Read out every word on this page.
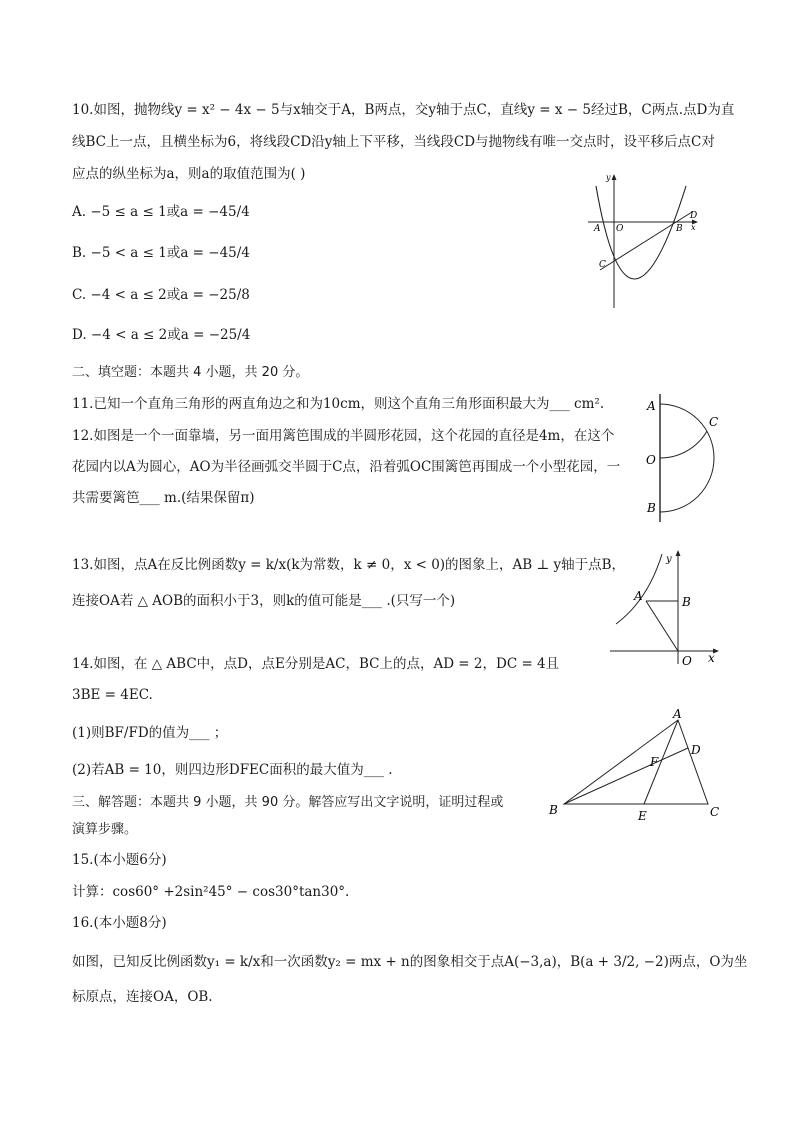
10.如图，抛物线y = x² − 4x − 5与x轴交于A，B两点，交y轴于点C，直线y = x − 5经过B，C两点.点D为直
线BC上一点，且横坐标为6，将线段CD沿y轴上下平移，当线段CD与抛物线有唯一交点时，设平移后点C对
应点的纵坐标为a，则a的取值范围为( )
A. −5 ≤ a ≤ 1或a = −45/4
B. −5 < a ≤ 1或a = −45/4
C. −4 < a ≤ 2或a = −25/8
D. −4 < a ≤ 2或a = −25/4
y
A O	B x
C
D
二、填空题：本题共 4 小题，共 20 分。
11.已知一个直角三角形的两直角边之和为10cm，则这个直角三角形面积最大为___ cm².
12.如图是一个一面靠墙，另一面用篱笆围成的半圆形花园，这个花园的直径是4m，在这个
花园内以A为圆心，AO为半径画弧交半圆于C点，沿着弧OC围篱笆再围成一个小型花园，一
共需要篱笆___ m.(结果保留π)
A
C
O
B
13.如图，点A在反比例函数y = k/x(k为常数，k ≠ 0，x < 0)的图象上，AB ⊥ y轴于点B，
连接OA若 △ AOB的面积小于3，则k的值可能是___ .(只写一个)
y
A	B
O x
14.如图，在 △ ABC中，点D，点E分别是AC，BC上的点，AD = 2，DC = 4且
3BE = 4EC.
(1)则BF/FD的值为___ ；
(2)若AB = 10，则四边形DFEC面积的最大值为___ .
A
D
F
B	E	C
三、解答题：本题共 9 小题，共 90 分。解答应写出文字说明，证明过程或
演算步骤。
15.(本小题6分)
计算：cos60° +2sin²45° − cos30°tan30°.
16.(本小题8分)
如图，已知反比例函数y₁ = k/x和一次函数y₂ = mx + n的图象相交于点A(−3,a)，B(a + 3/2, −2)两点，O为坐
标原点，连接OA，OB.
